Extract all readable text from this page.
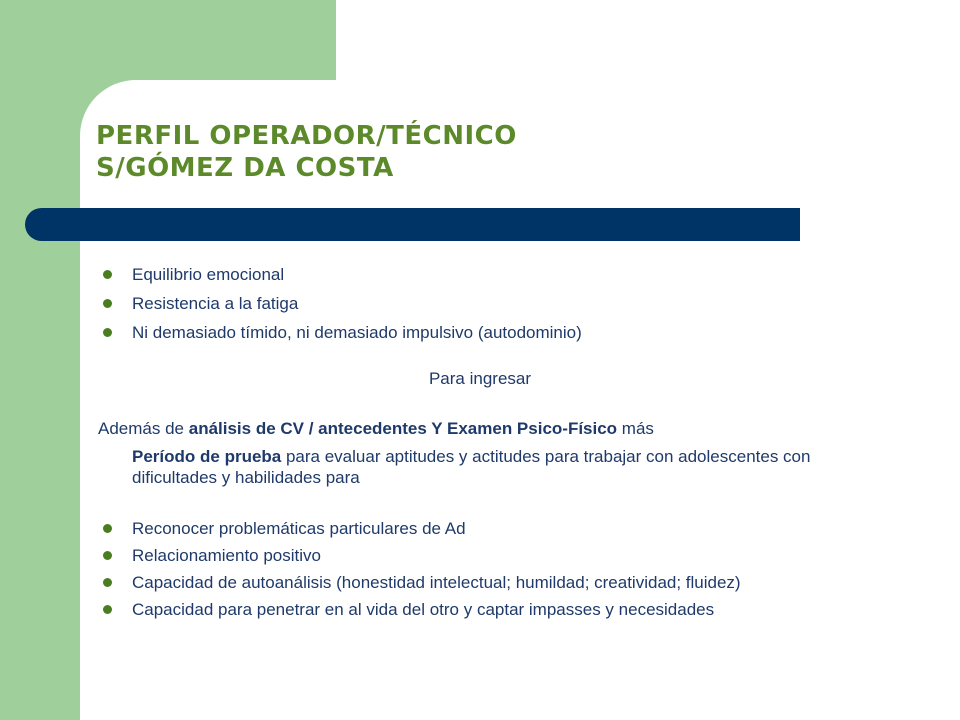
PERFIL OPERADOR/TÉCNICO
S/GÓMEZ DA COSTA
Equilibrio emocional
Resistencia a la fatiga
Ni demasiado tímido, ni demasiado impulsivo (autodominio)

Para ingresar

Además de análisis de CV / antecedentes Y Examen Psico-Físico más

Período de prueba para evaluar aptitudes y actitudes para trabajar con adolescentes con dificultades y habilidades para

Reconocer problemáticas particulares de Ad
Relacionamiento positivo
Capacidad de autoanálisis (honestidad intelectual; humildad; creatividad; fluidez)
Capacidad para penetrar en al vida del otro y captar impasses y necesidades
